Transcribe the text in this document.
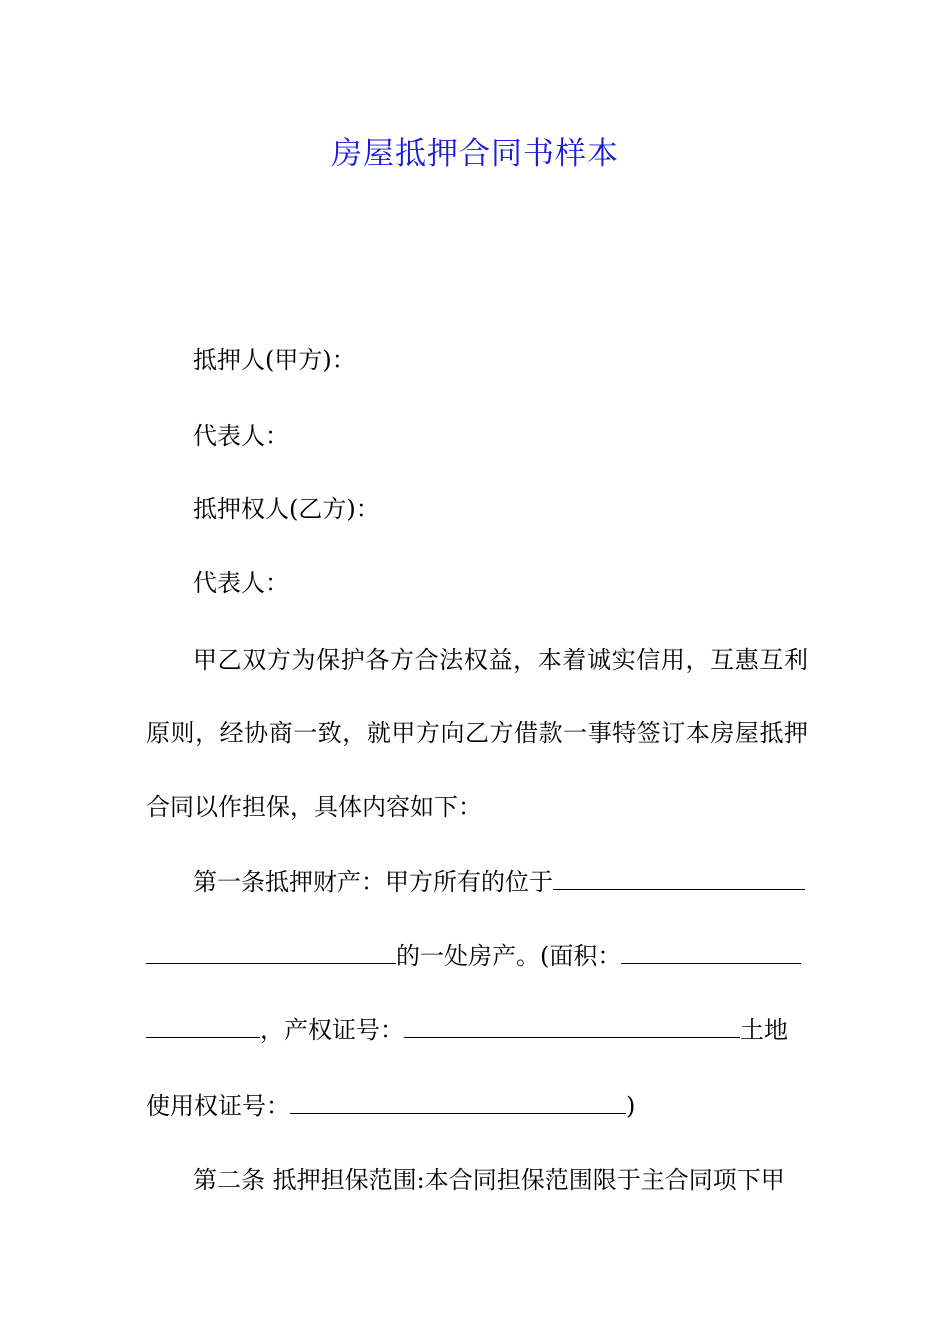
房屋抵押合同书样本
抵押人(甲方)：
代表人：
抵押权人(乙方)：
代表人：
甲乙双方为保护各方合法权益，本着诚实信用，互惠互利
原则，经协商一致，就甲方向乙方借款一事特签订本房屋抵押
合同以作担保，具体内容如下：
第一条抵押财产：甲方所有的位于
的一处房产。(面积：
，产权证号：	土地
使用权证号：	)
第二条 抵押担保范围:本合同担保范围限于主合同项下甲
